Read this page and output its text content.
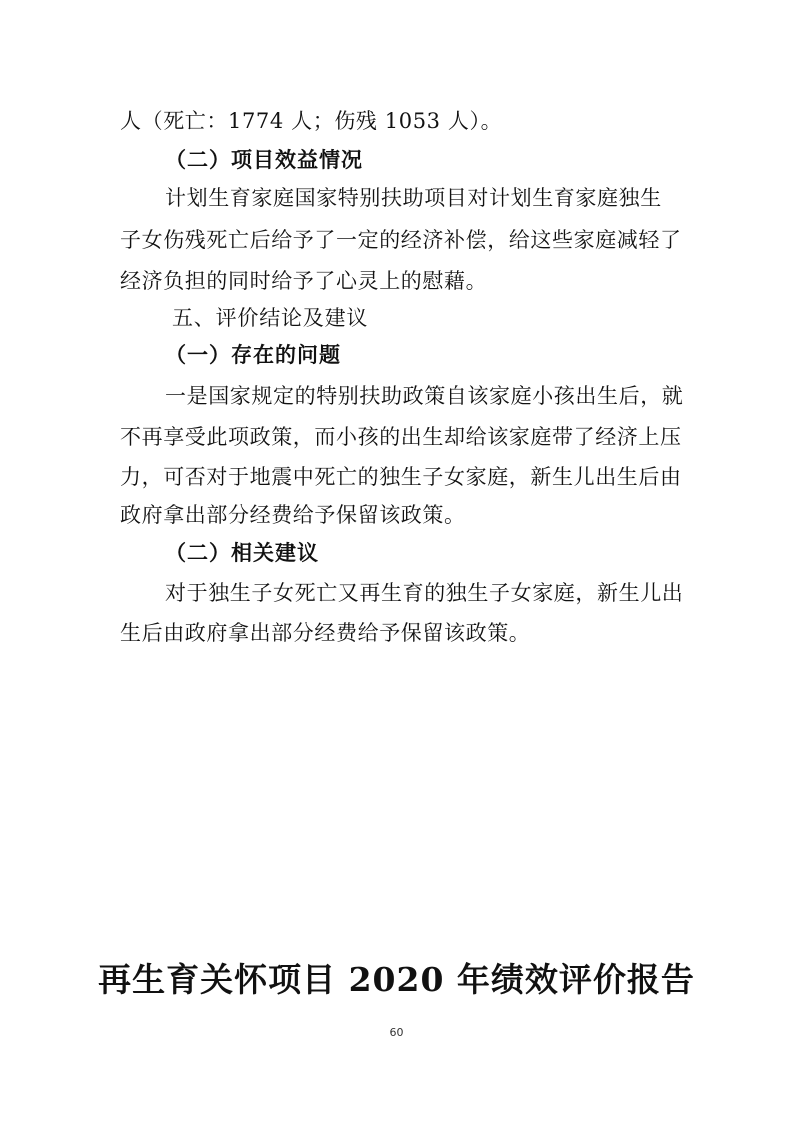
人（死亡：1774 人；伤残 1053 人）。
（二）项目效益情况
计划生育家庭国家特别扶助项目对计划生育家庭独生
子女伤残死亡后给予了一定的经济补偿，给这些家庭减轻了
经济负担的同时给予了心灵上的慰藉。
五、评价结论及建议
（一）存在的问题
一是国家规定的特别扶助政策自该家庭小孩出生后，就
不再享受此项政策，而小孩的出生却给该家庭带了经济上压
力，可否对于地震中死亡的独生子女家庭，新生儿出生后由
政府拿出部分经费给予保留该政策。
（二）相关建议
对于独生子女死亡又再生育的独生子女家庭，新生儿出
生后由政府拿出部分经费给予保留该政策。
再生育关怀项目 2020 年绩效评价报告
60
